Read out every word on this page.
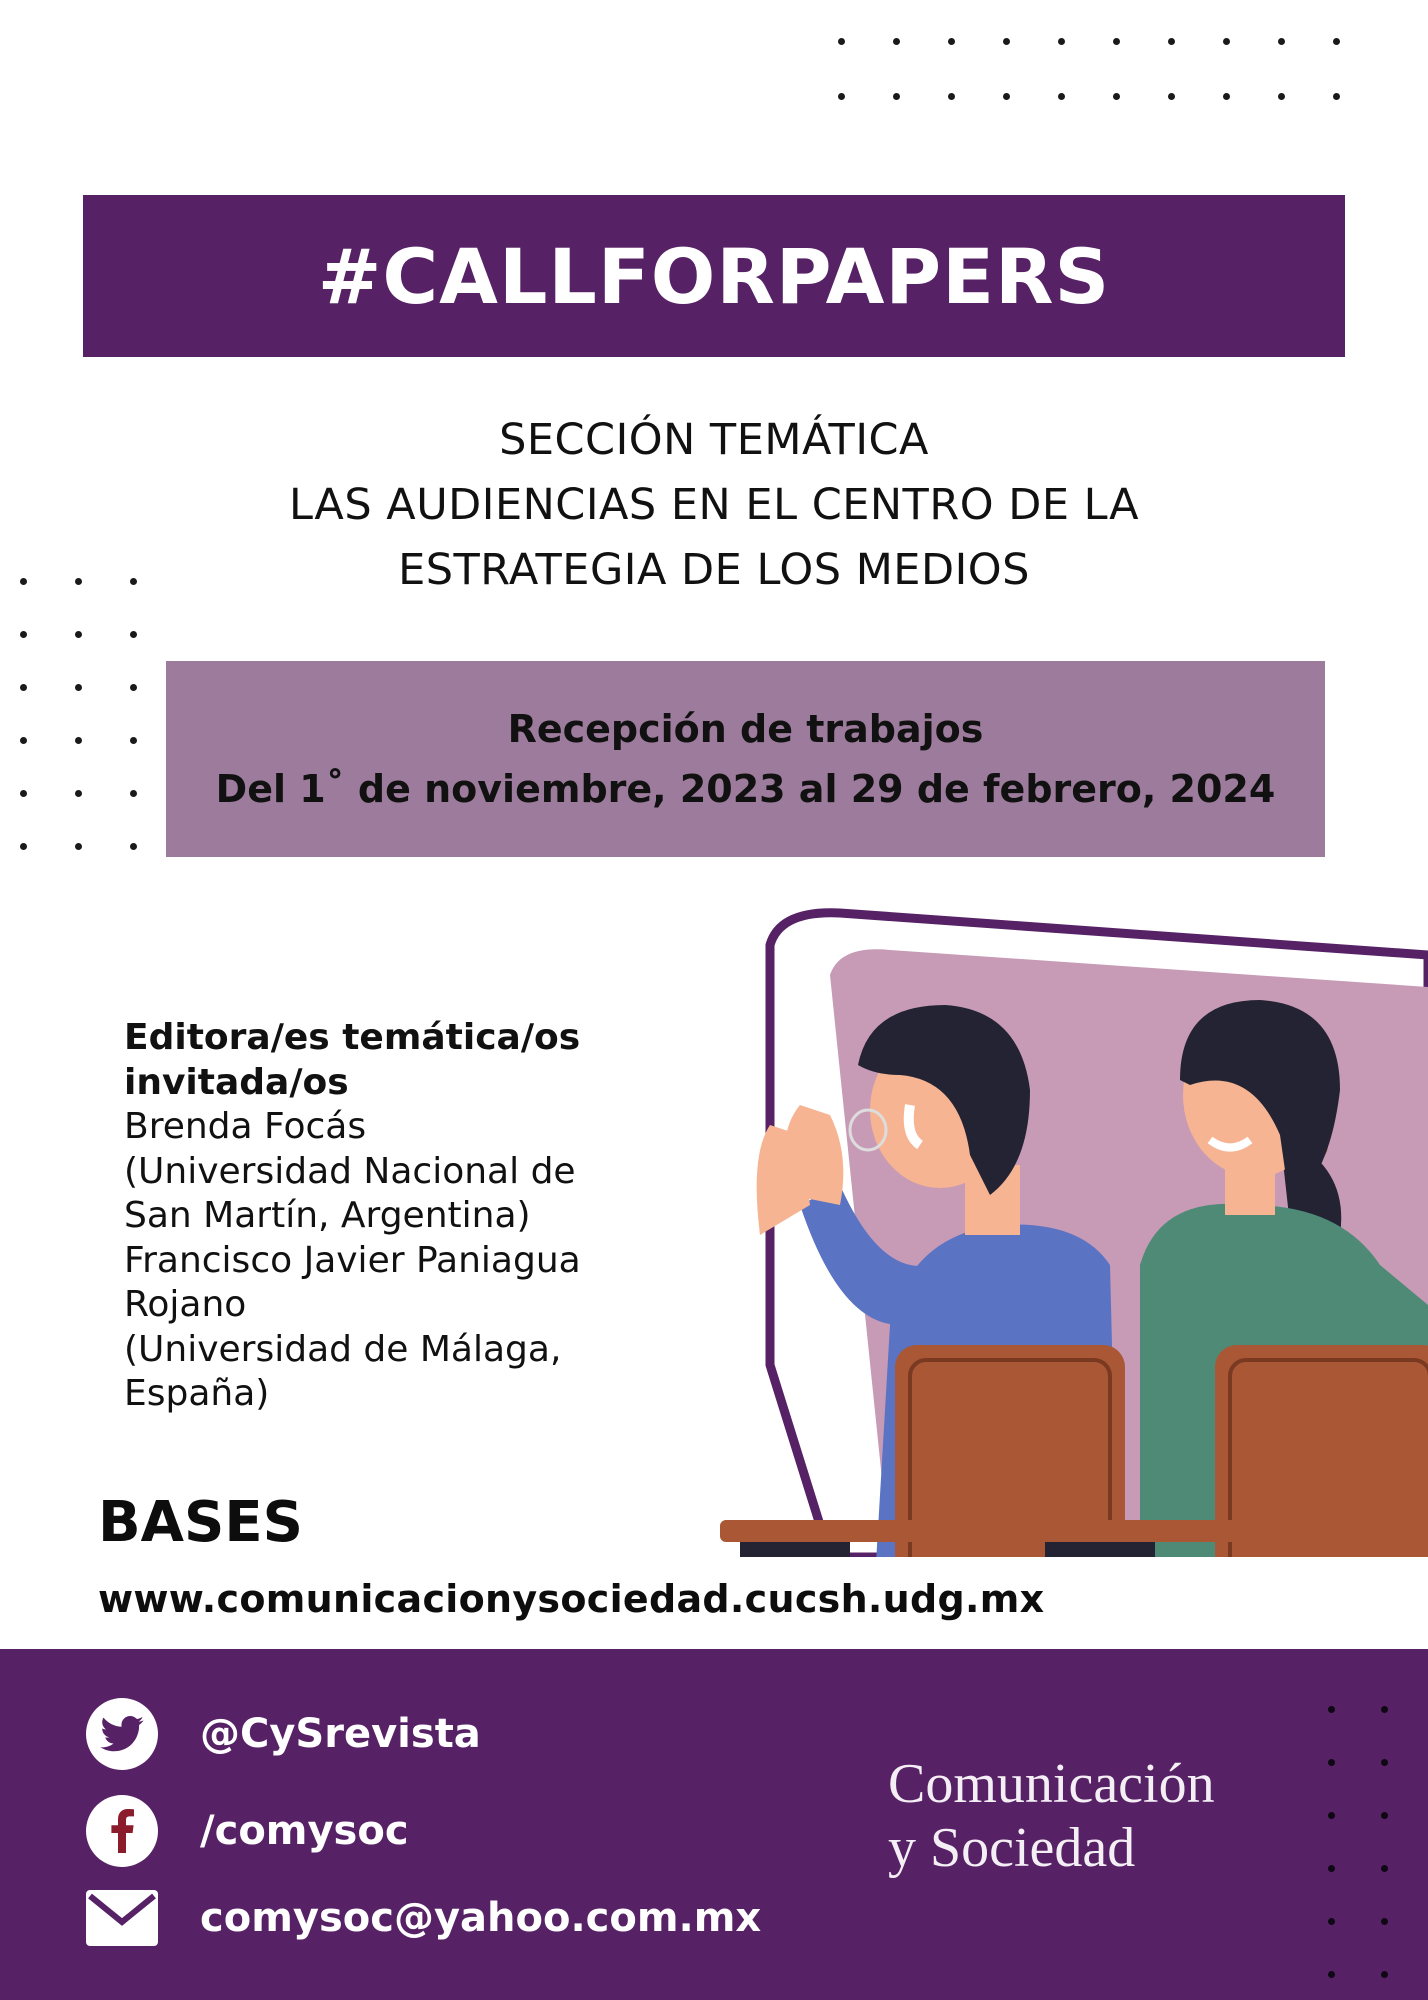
#CALLFORPAPERS
SECCIÓN TEMÁTICA
LAS AUDIENCIAS EN EL CENTRO DE LA
ESTRATEGIA DE LOS MEDIOS
Recepción de trabajos
Del 1˚ de noviembre, 2023 al 29 de febrero, 2024
Editora/es temática/os
invitada/os
Brenda Focás
(Universidad Nacional de
San Martín, Argentina)
Francisco Javier Paniagua
Rojano
(Universidad de Málaga,
España)
BASES
www.comunicacionysociedad.cucsh.udg.mx
@CySrevista
/comysoc
comysoc@yahoo.com.mx
Comunicación
y Sociedad
